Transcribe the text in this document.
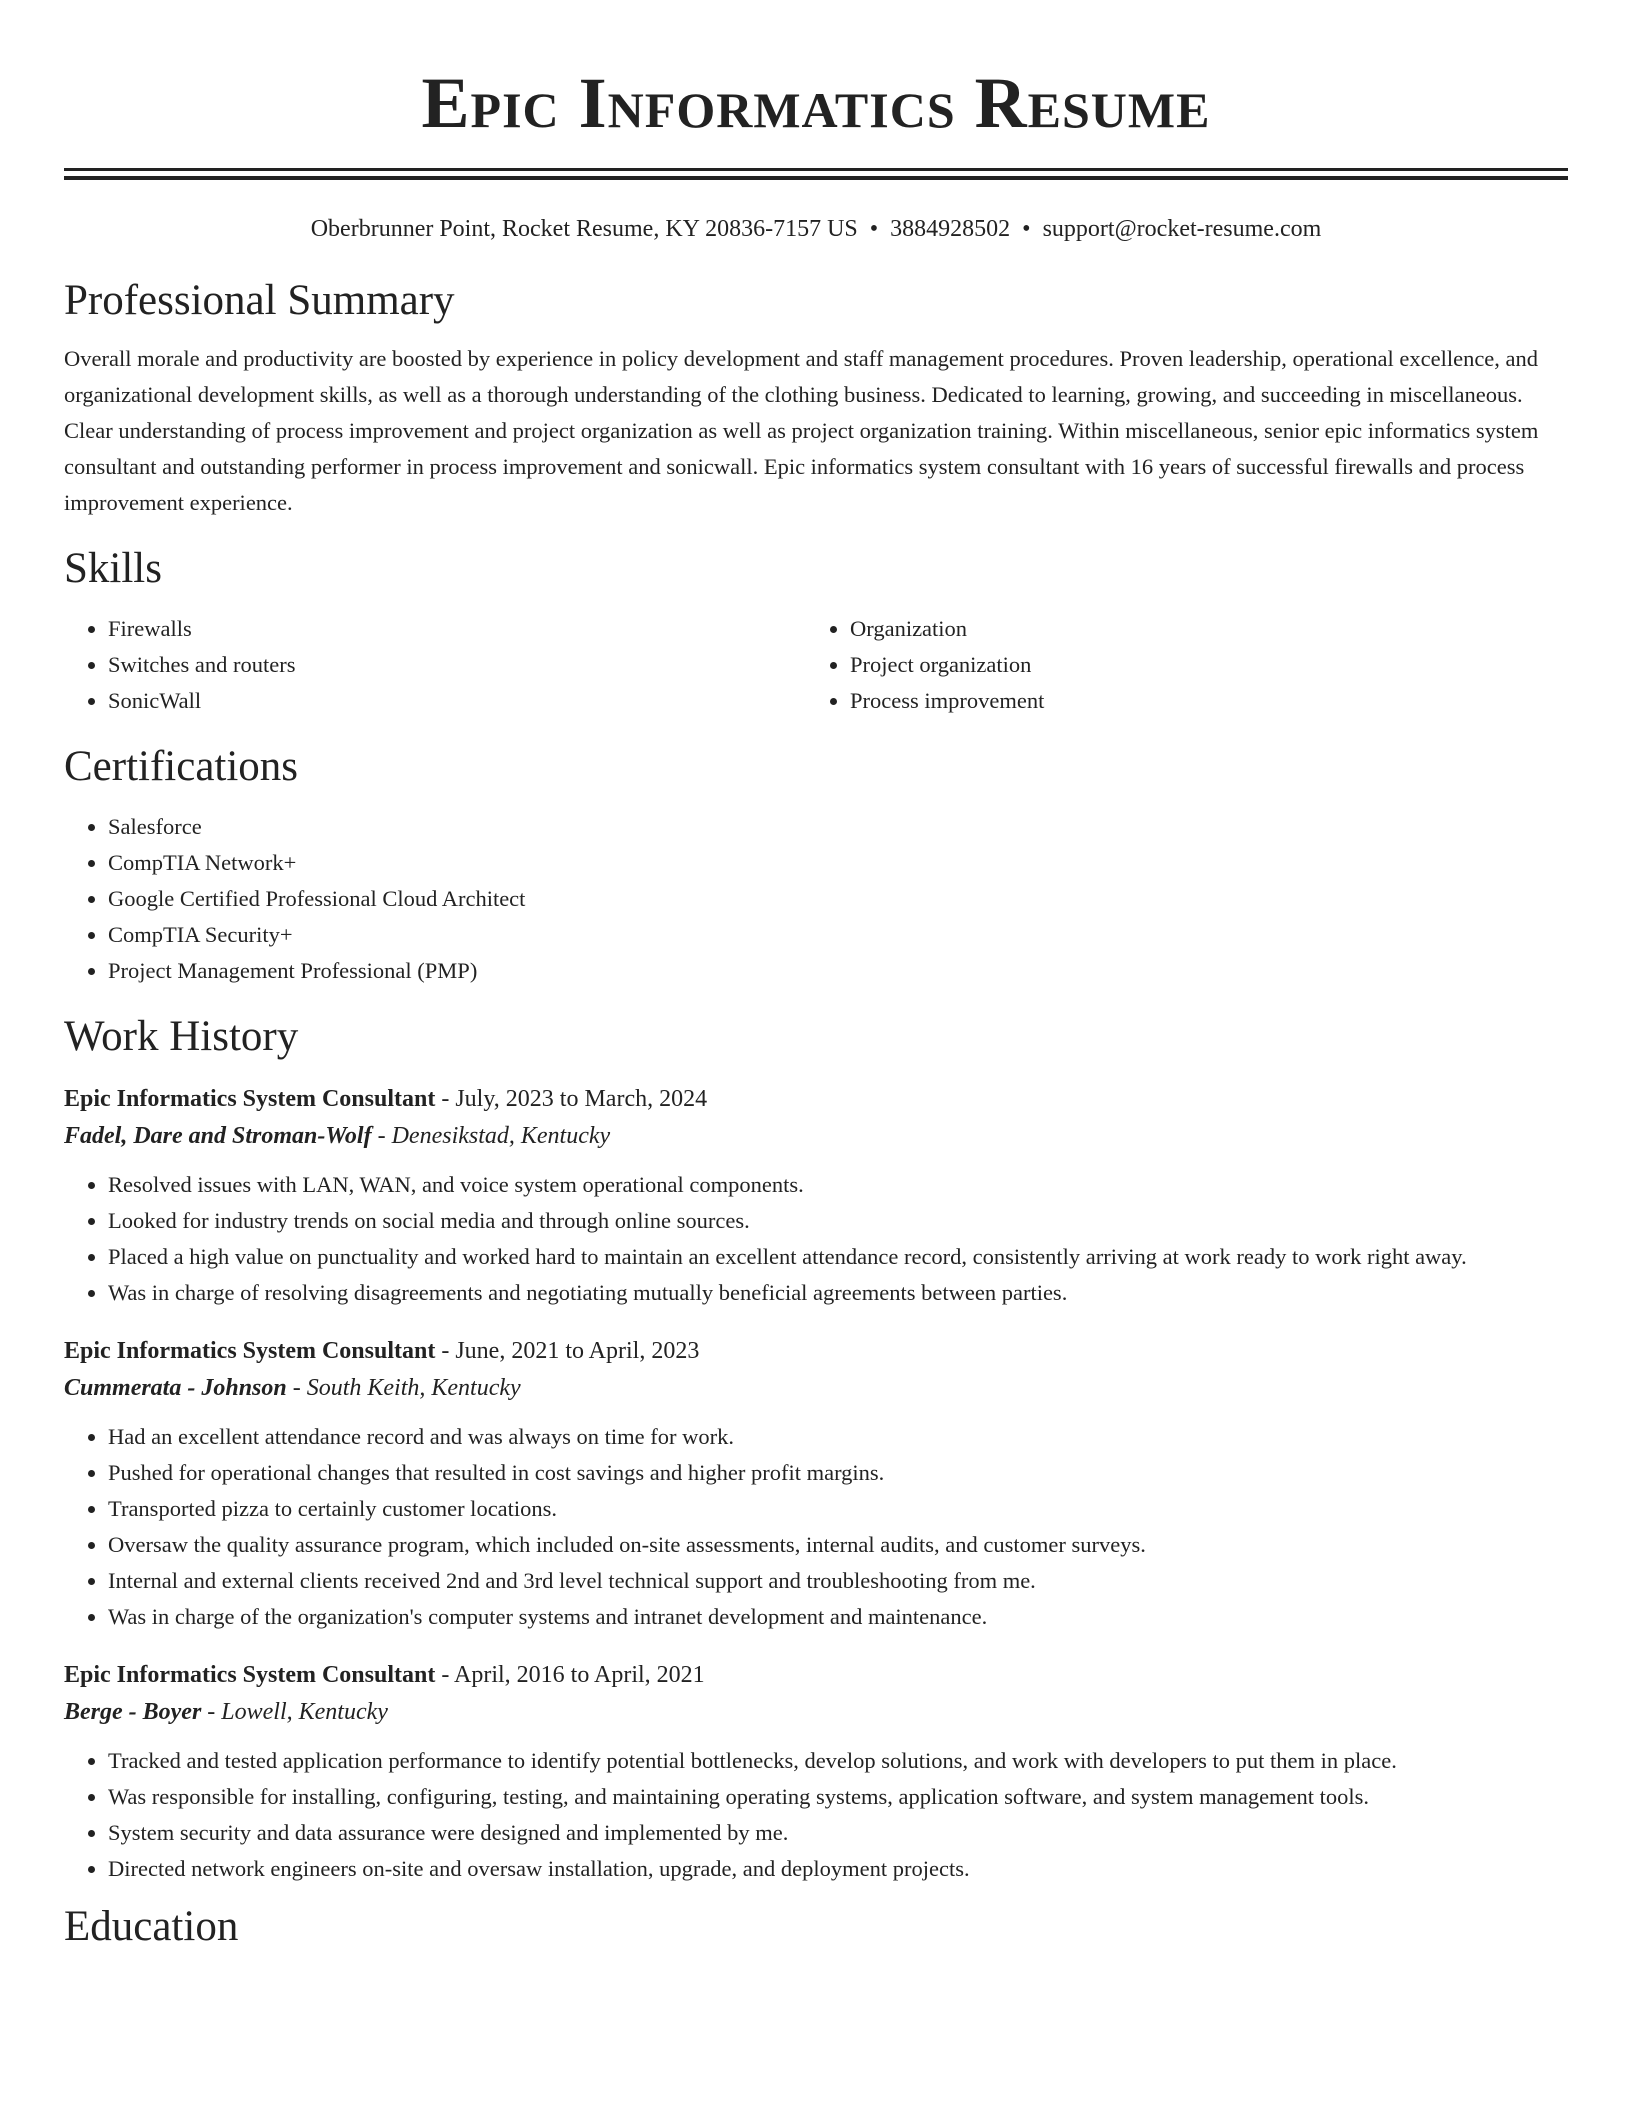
Epic Informatics Resume
Oberbrunner Point, Rocket Resume, KY 20836-7157 US • 3884928502 • support@rocket-resume.com
Professional Summary

Overall morale and productivity are boosted by experience in policy development and staff management procedures. Proven leadership, operational excellence, and organizational development skills, as well as a thorough understanding of the clothing business. Dedicated to learning, growing, and succeeding in miscellaneous. Clear understanding of process improvement and project organization as well as project organization training. Within miscellaneous, senior epic informatics system consultant and outstanding performer in process improvement and sonicwall. Epic informatics system consultant with 16 years of successful firewalls and process improvement experience.

Skills
• Firewalls
• Switches and routers
• SonicWall
• Organization
• Project organization
• Process improvement
Certifications
• Salesforce
• CompTIA Network+
• Google Certified Professional Cloud Architect
• CompTIA Security+
• Project Management Professional (PMP)
Work History
Epic Informatics System Consultant - July, 2023 to March, 2024
Fadel, Dare and Stroman-Wolf - Denesikstad, Kentucky
• Resolved issues with LAN, WAN, and voice system operational components.
• Looked for industry trends on social media and through online sources.
• Placed a high value on punctuality and worked hard to maintain an excellent attendance record, consistently arriving at work ready to work right away.
• Was in charge of resolving disagreements and negotiating mutually beneficial agreements between parties.
Epic Informatics System Consultant - June, 2021 to April, 2023
Cummerata - Johnson - South Keith, Kentucky
• Had an excellent attendance record and was always on time for work.
• Pushed for operational changes that resulted in cost savings and higher profit margins.
• Transported pizza to certainly customer locations.
• Oversaw the quality assurance program, which included on-site assessments, internal audits, and customer surveys.
• Internal and external clients received 2nd and 3rd level technical support and troubleshooting from me.
• Was in charge of the organization's computer systems and intranet development and maintenance.
Epic Informatics System Consultant - April, 2016 to April, 2021
Berge - Boyer - Lowell, Kentucky
• Tracked and tested application performance to identify potential bottlenecks, develop solutions, and work with developers to put them in place.
• Was responsible for installing, configuring, testing, and maintaining operating systems, application software, and system management tools.
• System security and data assurance were designed and implemented by me.
• Directed network engineers on-site and oversaw installation, upgrade, and deployment projects.
Education
